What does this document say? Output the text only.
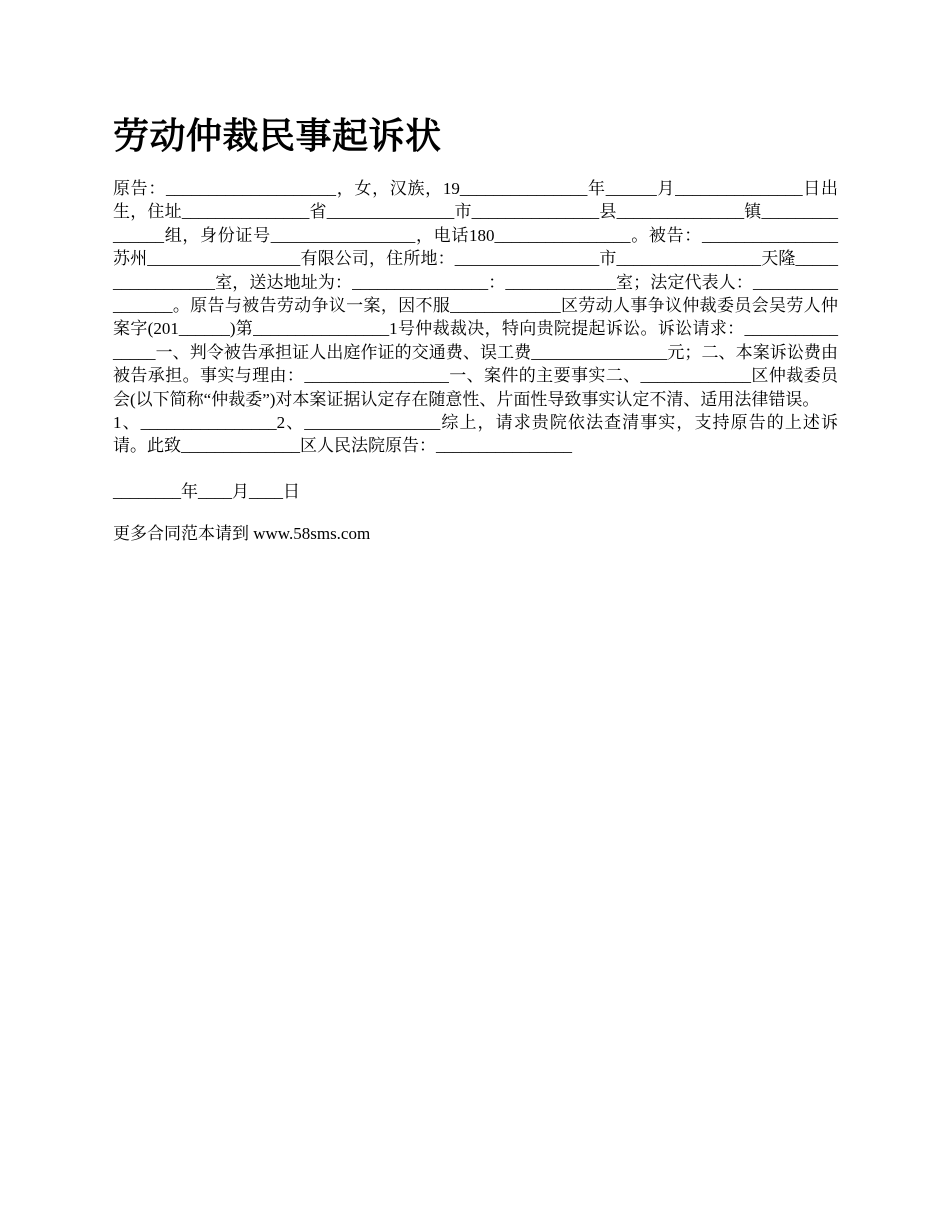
劳动仲裁民事起诉状

原告：____________________，女，汉族，19_______________年______月_______________日出生，住址_______________省_______________市_______________县_______________镇_______________组，身份证号_________________，电话180________________。被告：________________苏州__________________有限公司，住所地：_________________市_________________天隆_________________室，送达地址为：________________：_____________室；法定代表人：_________________。原告与被告劳动争议一案，因不服_____________区劳动人事争议仲裁委员会吴劳人仲案字(201______)第________________1号仲裁裁决，特向贵院提起诉讼。诉讼请求：________________一、判令被告承担证人出庭作证的交通费、误工费________________元；二、本案诉讼费由被告承担。事实与理由：_________________一、案件的主要事实二、_____________区仲裁委员会(以下简称“仲裁委”)对本案证据认定存在随意性、片面性导致事实认定不清、适用法律错误。

1、________________2、________________综上，请求贵院依法查清事实，支持原告的上述诉请。此致______________区人民法院原告：________________

________年____月____日
更多合同范本请到 www.58sms.com
